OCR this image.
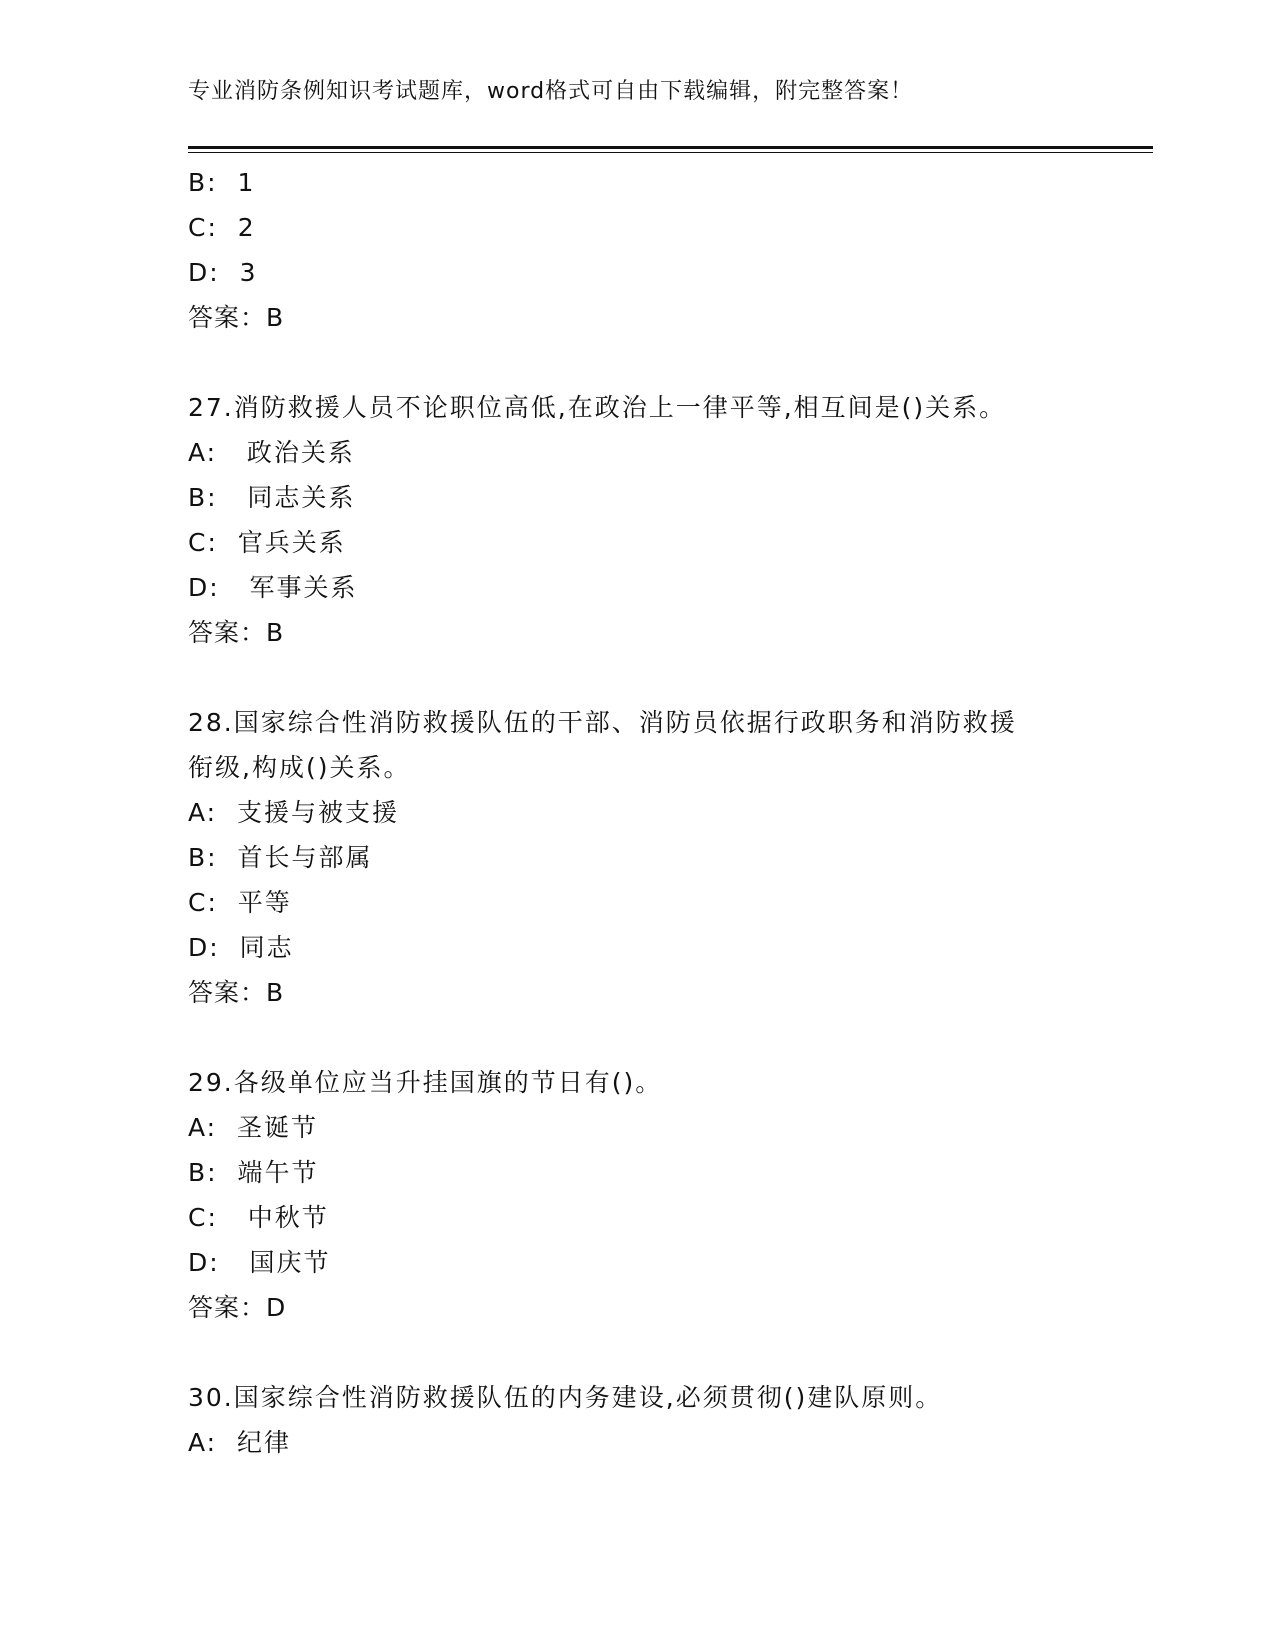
专业消防条例知识考试题库，word格式可自由下载编辑，附完整答案！
B:  1
C:  2
D:  3
答案：B
27.消防救援人员不论职位高低,在政治上一律平等,相互间是()关系。
A:   政治关系
B:   同志关系
C:  官兵关系
D:   军事关系
答案：B
28.国家综合性消防救援队伍的干部、消防员依据行政职务和消防救援
衔级,构成()关系。
A:  支援与被支援
B:  首长与部属
C:  平等
D:  同志
答案：B
29.各级单位应当升挂国旗的节日有()。
A:  圣诞节
B:  端午节
C:   中秋节
D:   国庆节
答案：D
30.国家综合性消防救援队伍的内务建设,必须贯彻()建队原则。
A:  纪律
